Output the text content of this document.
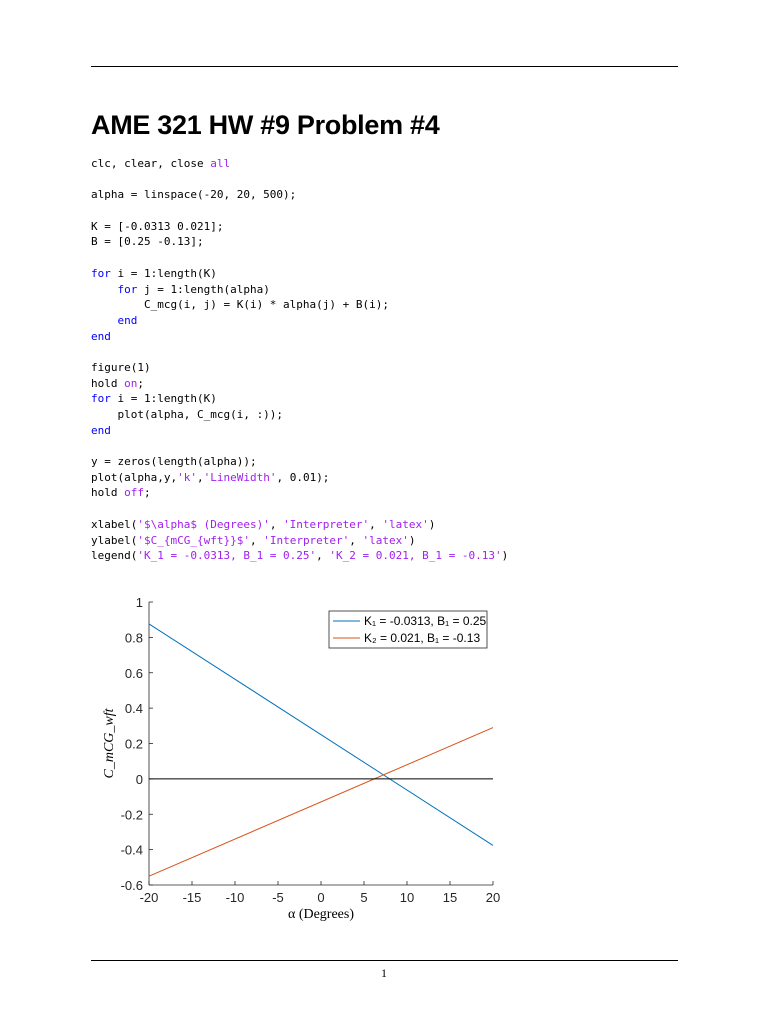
AME 321 HW #9 Problem #4
clc, clear, close all
alpha = linspace(-20, 20, 500);
K = [-0.0313 0.021];
B = [0.25 -0.13];
for i = 1:length(K)
for j = 1:length(alpha)
C_mcg(i, j) = K(i) * alpha(j) + B(i);
end
end
figure(1)
hold on;
for i = 1:length(K)
plot(alpha, C_mcg(i, :));
end
y = zeros(length(alpha));
plot(alpha,y,'k','LineWidth', 0.01);
hold off;
xlabel('$\alpha$ (Degrees)', 'Interpreter', 'latex')
ylabel('$C_{mCG_{wft}}$', 'Interpreter', 'latex')
legend('K_1 = -0.0313, B_1 = 0.25', 'K_2 = 0.021, B_1 = -0.13')
-20 -15 -10 -5	0	5 10 15 20
-0.6
-0.4
-0.2
0
0.2
0.4
0.6
0.8
1
α (Degrees)
C_mCG_wft
K₁ = -0.0313, B₁ = 0.25
K₂ = 0.021, B₁ = -0.13
1
